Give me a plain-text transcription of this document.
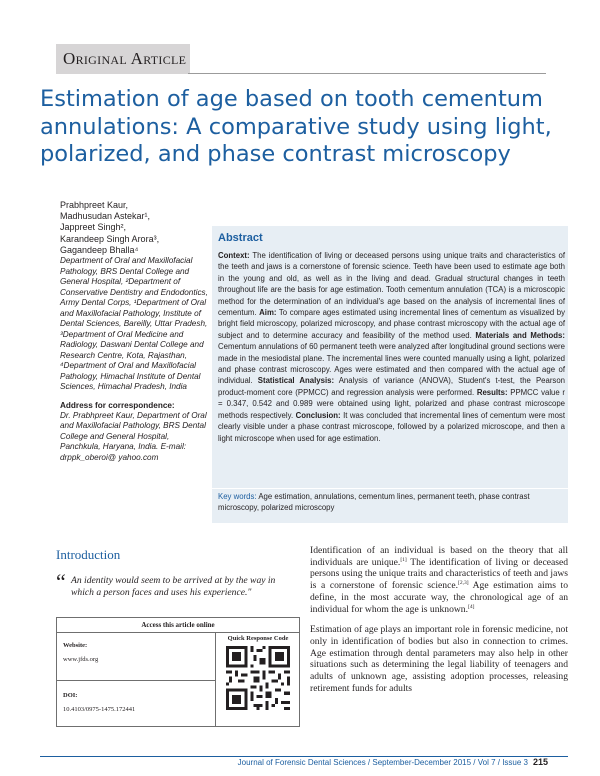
Original Article
Estimation of age based on tooth cementum annulations: A comparative study using light, polarized, and phase contrast microscopy

Prabhpreet Kaur,

Madhusudan Astekar¹,

Jappreet Singh²,

Karandeep Singh Arora³,

Gagandeep Bhalla⁴

Department of Oral and Maxillofacial Pathology, BRS Dental College and General Hospital, ²Department of Conservative Dentistry and Endodontics, Army Dental Corps, ¹Department of Oral and Maxillofacial Pathology, Institute of Dental Sciences, Bareilly, Uttar Pradesh, ³Department of Oral Medicine and Radiology, Daswani Dental College and Research Centre, Kota, Rajasthan, ⁴Department of Oral and Maxillofacial Pathology, Himachal Institute of Dental Sciences, Himachal Pradesh, India

Address for correspondence:

Dr. Prabhpreet Kaur, Department of Oral and Maxillofacial Pathology, BRS Dental College and General Hospital, Panchkula, Haryana, India. E-mail: drppk_oberoi@ yahoo.com

Abstract
Context: The identification of living or deceased persons using unique traits and characteristics of the teeth and jaws is a cornerstone of forensic science. Teeth have been used to estimate age both in the young and old, as well as in the living and dead. Gradual structural changes in teeth throughout life are the basis for age estimation. Tooth cementum annulation (TCA) is a microscopic method for the determination of an individual's age based on the analysis of incremental lines of cementum. Aim: To compare ages estimated using incremental lines of cementum as visualized by bright field microscopy, polarized microscopy, and phase contrast microscopy with the actual age of subject and to determine accuracy and feasibility of the method used. Materials and Methods: Cementum annulations of 60 permanent teeth were analyzed after longitudinal ground sections were made in the mesiodistal plane. The incremental lines were counted manually using a light, polarized and phase contrast microscopy. Ages were estimated and then compared with the actual age of individual. Statistical Analysis: Analysis of variance (ANOVA), Student's t-test, the Pearson product-moment core (PPMCC) and regression analysis were performed. Results: PPMCC value r = 0.347, 0.542 and 0.989 were obtained using light, polarized and phase contrast microscope methods respectively. Conclusion: It was concluded that incremental lines of cementum were most clearly visible under a phase contrast microscope, followed by a polarized microscope, and then a light microscope when used for age estimation.
Key words: Age estimation, annulations, cementum lines, permanent teeth, phase contrast microscopy, polarized microscopy
Introduction
“ An identity would seem to be arrived at by the way in which a person faces and uses his experience."
Access this article online
Website:
www.jfds.org
DOI:
10.4103/0975-1475.172441
Quick Response Code

Identification of an individual is based on the theory that all individuals are unique.[1] The identification of living or deceased persons using the unique traits and characteristics of teeth and jaws is a cornerstone of forensic science.[2,3] Age estimation aims to define, in the most accurate way, the chronological age of an individual for whom the age is unknown.[4]

Estimation of age plays an important role in forensic medicine, not only in identification of bodies but also in connection to crimes. Age estimation through dental parameters may also help in other situations such as determining the legal liability of teenagers and adults of unknown age, assisting adoption processes, releasing retirement funds for adults

Journal of Forensic Dental Sciences / September-December 2015 / Vol 7 / Issue 3 215
